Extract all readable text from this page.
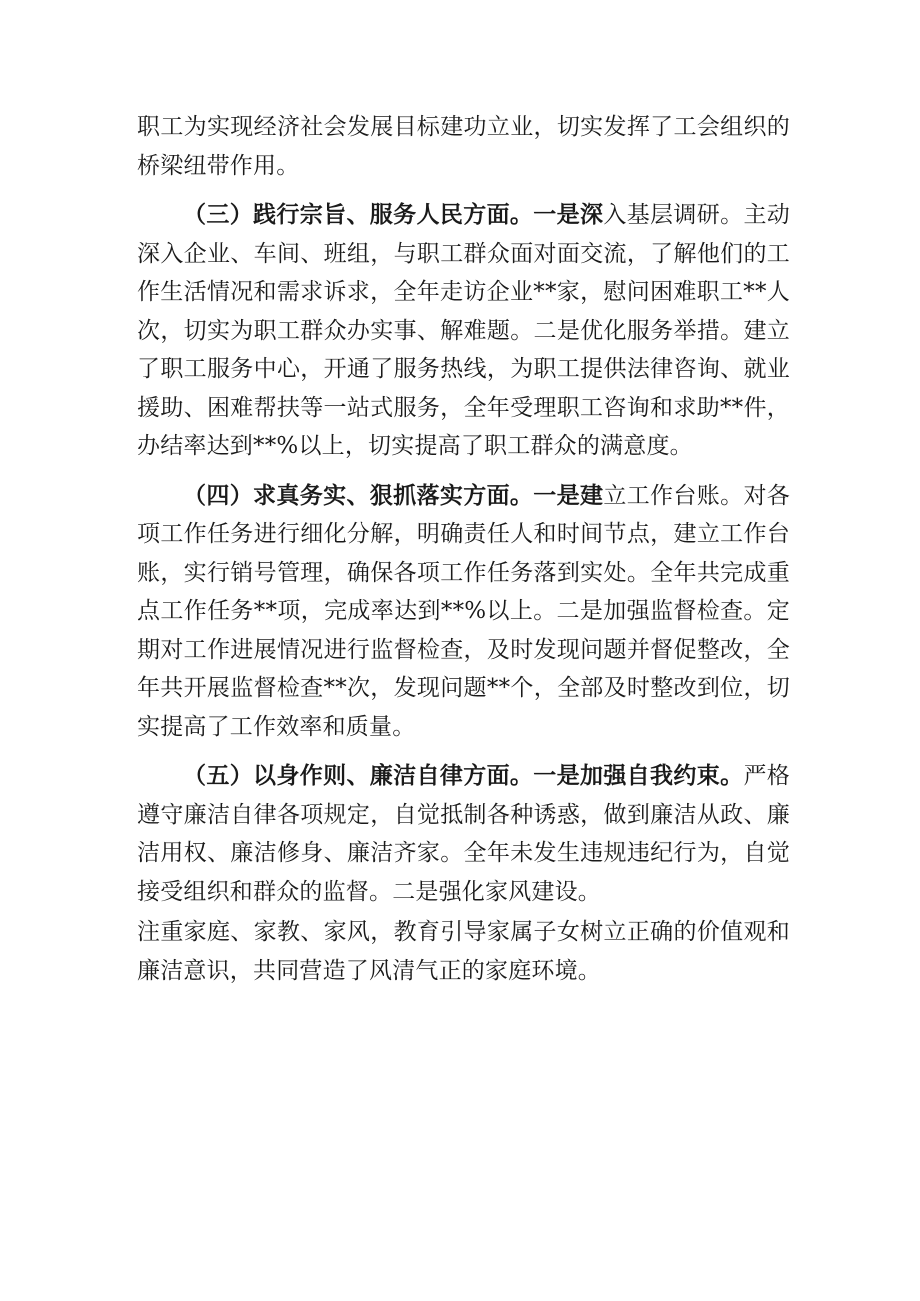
职工为实现经济社会发展目标建功立业，切实发挥了工会组织的桥梁纽带作用。

（三）践行宗旨、服务人民方面。一是深入基层调研。主动深入企业、车间、班组，与职工群众面对面交流，了解他们的工作生活情况和需求诉求，全年走访企业**家，慰问困难职工**人次，切实为职工群众办实事、解难题。二是优化服务举措。建立了职工服务中心，开通了服务热线，为职工提供法律咨询、就业援助、困难帮扶等一站式服务，全年受理职工咨询和求助**件，办结率达到**%以上，切实提高了职工群众的满意度。

（四）求真务实、狠抓落实方面。一是建立工作台账。对各项工作任务进行细化分解，明确责任人和时间节点，建立工作台账，实行销号管理，确保各项工作任务落到实处。全年共完成重点工作任务**项，完成率达到**%以上。二是加强监督检查。定期对工作进展情况进行监督检查，及时发现问题并督促整改，全年共开展监督检查**次，发现问题**个，全部及时整改到位，切实提高了工作效率和质量。

（五）以身作则、廉洁自律方面。一是加强自我约束。严格遵守廉洁自律各项规定，自觉抵制各种诱惑，做到廉洁从政、廉洁用权、廉洁修身、廉洁齐家。全年未发生违规违纪行为，自觉接受组织和群众的监督。二是强化家风建设。

注重家庭、家教、家风，教育引导家属子女树立正确的价值观和廉洁意识，共同营造了风清气正的家庭环境。
